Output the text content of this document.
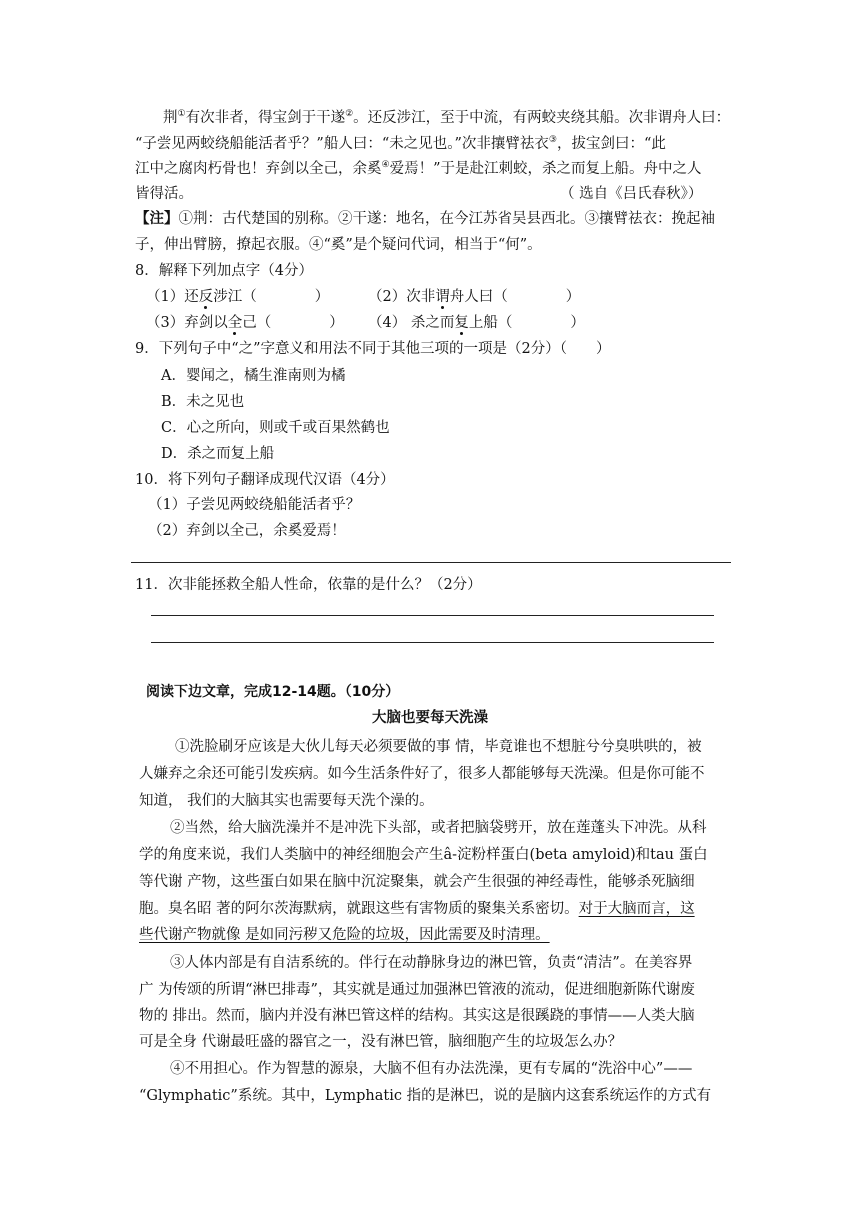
荆①有次非者，得宝剑于干遂②。还反涉江，至于中流，有两蛟夹绕其船。次非谓舟人曰：
“子尝见两蛟绕船能活者乎？”船人曰：“未之见也。”次非攘臂祛衣③，拔宝剑曰：“此
江中之腐肉朽骨也！弃剑以全己，余奚④爱焉！”于是赴江刺蛟，杀之而复上船。舟中之人
皆得活。	（ 选自《吕氏春秋》）
【注】①荆：古代楚国的别称。②干遂：地名，在今江苏省吴县西北。③攘臂祛衣：挽起袖
子，伸出臂膀，撩起衣服。④“奚”是个疑问代词，相当于“何”。
8．解释下列加点字（4分）
（1）还反涉江（　　　　）	（2）次非谓舟人曰（　　　　）
（3）弃剑以全己（　　　　） （4） 杀之而复上船（　　　　）
9．下列句子中“之”字意义和用法不同于其他三项的一项是（2分）（　　）
A．婴闻之，橘生淮南则为橘
B．未之见也
C．心之所向，则或千或百果然鹤也
D．杀之而复上船
10．将下列句子翻译成现代汉语（4分）
（1）子尝见两蛟绕船能活者乎？
（2）弃剑以全己，余奚爱焉！
11．次非能拯救全船人性命，依靠的是什么？（2分）
阅读下边文章，完成12-14题。（10分）
大脑也要每天洗澡
①洗脸刷牙应该是大伙儿每天必须要做的事 情，毕竟谁也不想脏兮兮臭哄哄的，被
人嫌弃之余还可能引发疾病。如今生活条件好了，很多人都能够每天洗澡。但是你可能不
知道， 我们的大脑其实也需要每天洗个澡的。
②当然，给大脑洗澡并不是冲洗下头部，或者把脑袋劈开，放在莲蓬头下冲洗。从科
学的角度来说，我们人类脑中的神经细胞会产生â-淀粉样蛋白(beta amyloid)和tau 蛋白
等代谢 产物，这些蛋白如果在脑中沉淀聚集，就会产生很强的神经毒性，能够杀死脑细
胞。臭名昭 著的阿尔茨海默病，就跟这些有害物质的聚集关系密切。对于大脑而言，这
些代谢产物就像 是如同污秽又危险的垃圾，因此需要及时清理。
③人体内部是有自洁系统的。伴行在动静脉身边的淋巴管，负责“清洁”。在美容界
广 为传颂的所谓“淋巴排毒”，其实就是通过加强淋巴管液的流动，促进细胞新陈代谢废
物的 排出。然而，脑内并没有淋巴管这样的结构。其实这是很蹊跷的事情——人类大脑
可是全身 代谢最旺盛的器官之一，没有淋巴管，脑细胞产生的垃圾怎么办？
④不用担心。作为智慧的源泉，大脑不但有办法洗澡，更有专属的“洗浴中心”——
“Glymphatic”系统。其中，Lymphatic 指的是淋巴，说的是脑内这套系统运作的方式有
